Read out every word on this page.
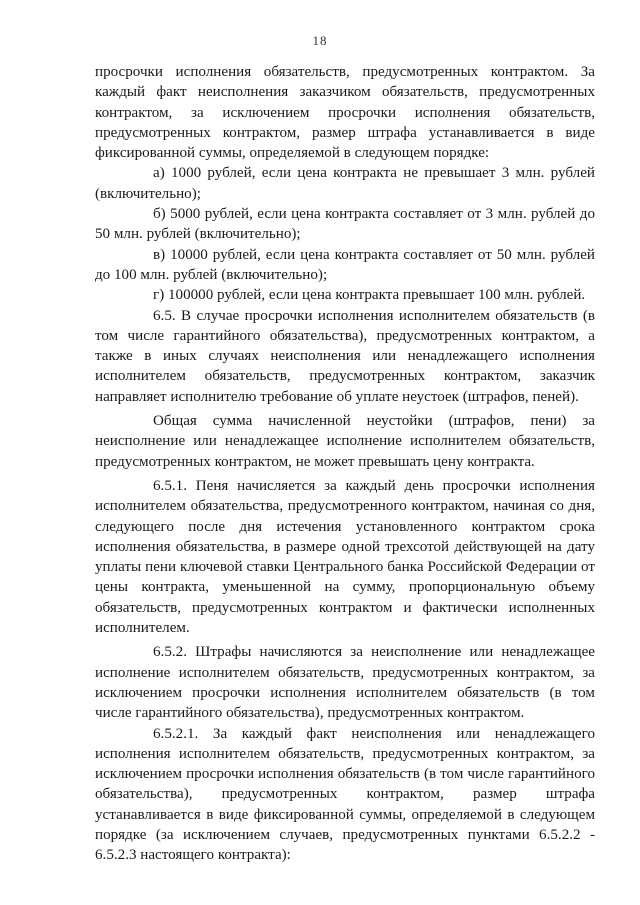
18

просрочки исполнения обязательств, предусмотренных контрактом. За каждый факт неисполнения заказчиком обязательств, предусмотренных контрактом, за исключением просрочки исполнения обязательств, предусмотренных контрактом, размер штрафа устанавливается в виде фиксированной суммы, определяемой в следующем порядке:

а) 1000 рублей, если цена контракта не превышает 3 млн. рублей (включительно);

б) 5000 рублей, если цена контракта составляет от 3 млн. рублей до 50 млн. рублей (включительно);

в) 10000 рублей, если цена контракта составляет от 50 млн. рублей до 100 млн. рублей (включительно);

г) 100000 рублей, если цена контракта превышает 100 млн. рублей.

6.5. В случае просрочки исполнения исполнителем обязательств (в том числе гарантийного обязательства), предусмотренных контрактом, а также в иных случаях неисполнения или ненадлежащего исполнения исполнителем обязательств, предусмотренных контрактом, заказчик направляет исполнителю требование об уплате неустоек (штрафов, пеней).

Общая сумма начисленной неустойки (штрафов, пени) за неисполнение или ненадлежащее исполнение исполнителем обязательств, предусмотренных контрактом, не может превышать цену контракта.

6.5.1. Пеня начисляется за каждый день просрочки исполнения исполнителем обязательства, предусмотренного контрактом, начиная со дня, следующего после дня истечения установленного контрактом срока исполнения обязательства, в размере одной трехсотой действующей на дату уплаты пени ключевой ставки Центрального банка Российской Федерации от цены контракта, уменьшенной на сумму, пропорциональную объему обязательств, предусмотренных контрактом и фактически исполненных исполнителем.

6.5.2. Штрафы начисляются за неисполнение или ненадлежащее исполнение исполнителем обязательств, предусмотренных контрактом, за исключением просрочки исполнения исполнителем обязательств (в том числе гарантийного обязательства), предусмотренных контрактом.

6.5.2.1. За каждый факт неисполнения или ненадлежащего исполнения исполнителем обязательств, предусмотренных контрактом, за исключением просрочки исполнения обязательств (в том числе гарантийного обязательства), предусмотренных контрактом, размер штрафа устанавливается в виде фиксированной суммы, определяемой в следующем порядке (за исключением случаев, предусмотренных пунктами 6.5.2.2 - 6.5.2.3 настоящего контракта):
